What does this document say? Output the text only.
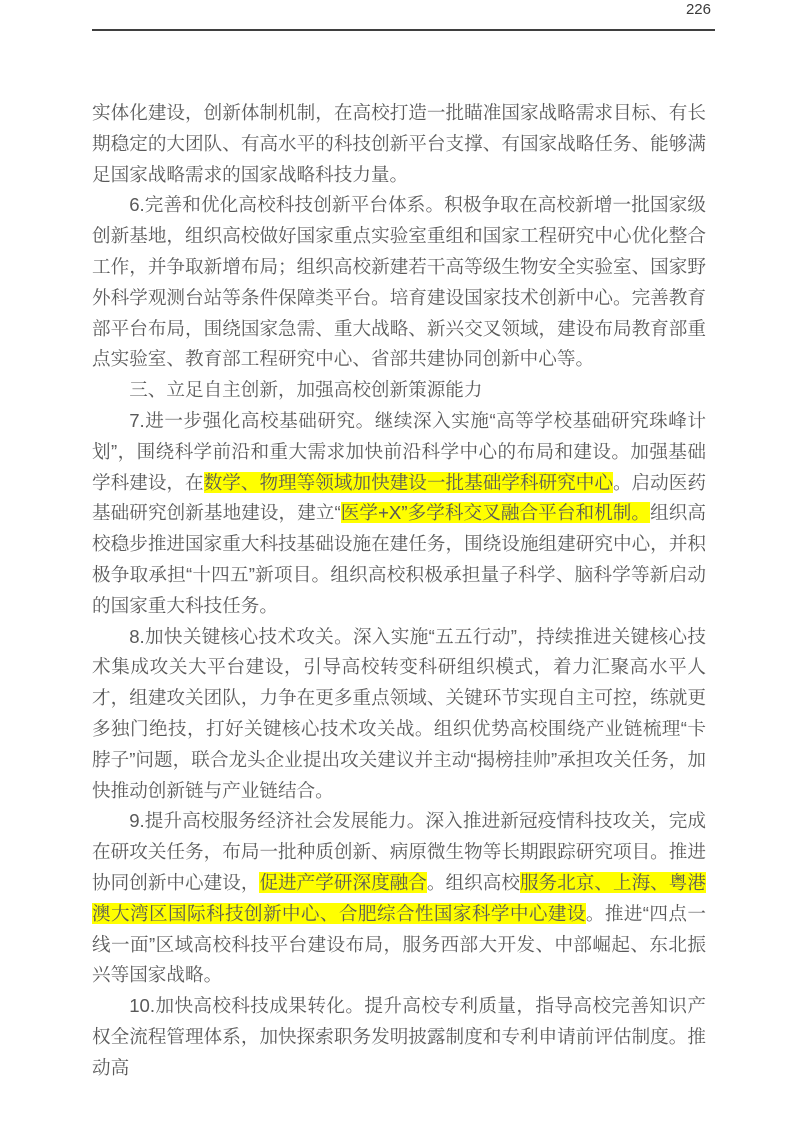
226

实体化建设，创新体制机制，在高校打造一批瞄准国家战略需求目标、有长期稳定的大团队、有高水平的科技创新平台支撑、有国家战略任务、能够满足国家战略需求的国家战略科技力量。

6.完善和优化高校科技创新平台体系。积极争取在高校新增一批国家级创新基地，组织高校做好国家重点实验室重组和国家工程研究中心优化整合工作，并争取新增布局；组织高校新建若干高等级生物安全实验室、国家野外科学观测台站等条件保障类平台。培育建设国家技术创新中心。完善教育部平台布局，围绕国家急需、重大战略、新兴交叉领域，建设布局教育部重点实验室、教育部工程研究中心、省部共建协同创新中心等。

三、立足自主创新，加强高校创新策源能力

7.进一步强化高校基础研究。继续深入实施“高等学校基础研究珠峰计划”，围绕科学前沿和重大需求加快前沿科学中心的布局和建设。加强基础学科建设，在数学、物理等领域加快建设一批基础学科研究中心。启动医药基础研究创新基地建设，建立“医学+X”多学科交叉融合平台和机制。组织高校稳步推进国家重大科技基础设施在建任务，围绕设施组建研究中心，并积极争取承担“十四五”新项目。组织高校积极承担量子科学、脑科学等新启动的国家重大科技任务。

8.加快关键核心技术攻关。深入实施“五五行动”，持续推进关键核心技术集成攻关大平台建设，引导高校转变科研组织模式，着力汇聚高水平人才，组建攻关团队，力争在更多重点领域、关键环节实现自主可控，练就更多独门绝技，打好关键核心技术攻关战。组织优势高校围绕产业链梳理“卡脖子”问题，联合龙头企业提出攻关建议并主动“揭榜挂帅”承担攻关任务，加快推动创新链与产业链结合。

9.提升高校服务经济社会发展能力。深入推进新冠疫情科技攻关，完成在研攻关任务，布局一批种质创新、病原微生物等长期跟踪研究项目。推进协同创新中心建设，促进产学研深度融合。组织高校服务北京、上海、粤港澳大湾区国际科技创新中心、合肥综合性国家科学中心建设。推进“四点一线一面”区域高校科技平台建设布局，服务西部大开发、中部崛起、东北振兴等国家战略。

10.加快高校科技成果转化。提升高校专利质量，指导高校完善知识产权全流程管理体系，加快探索职务发明披露制度和专利申请前评估制度。推动高
